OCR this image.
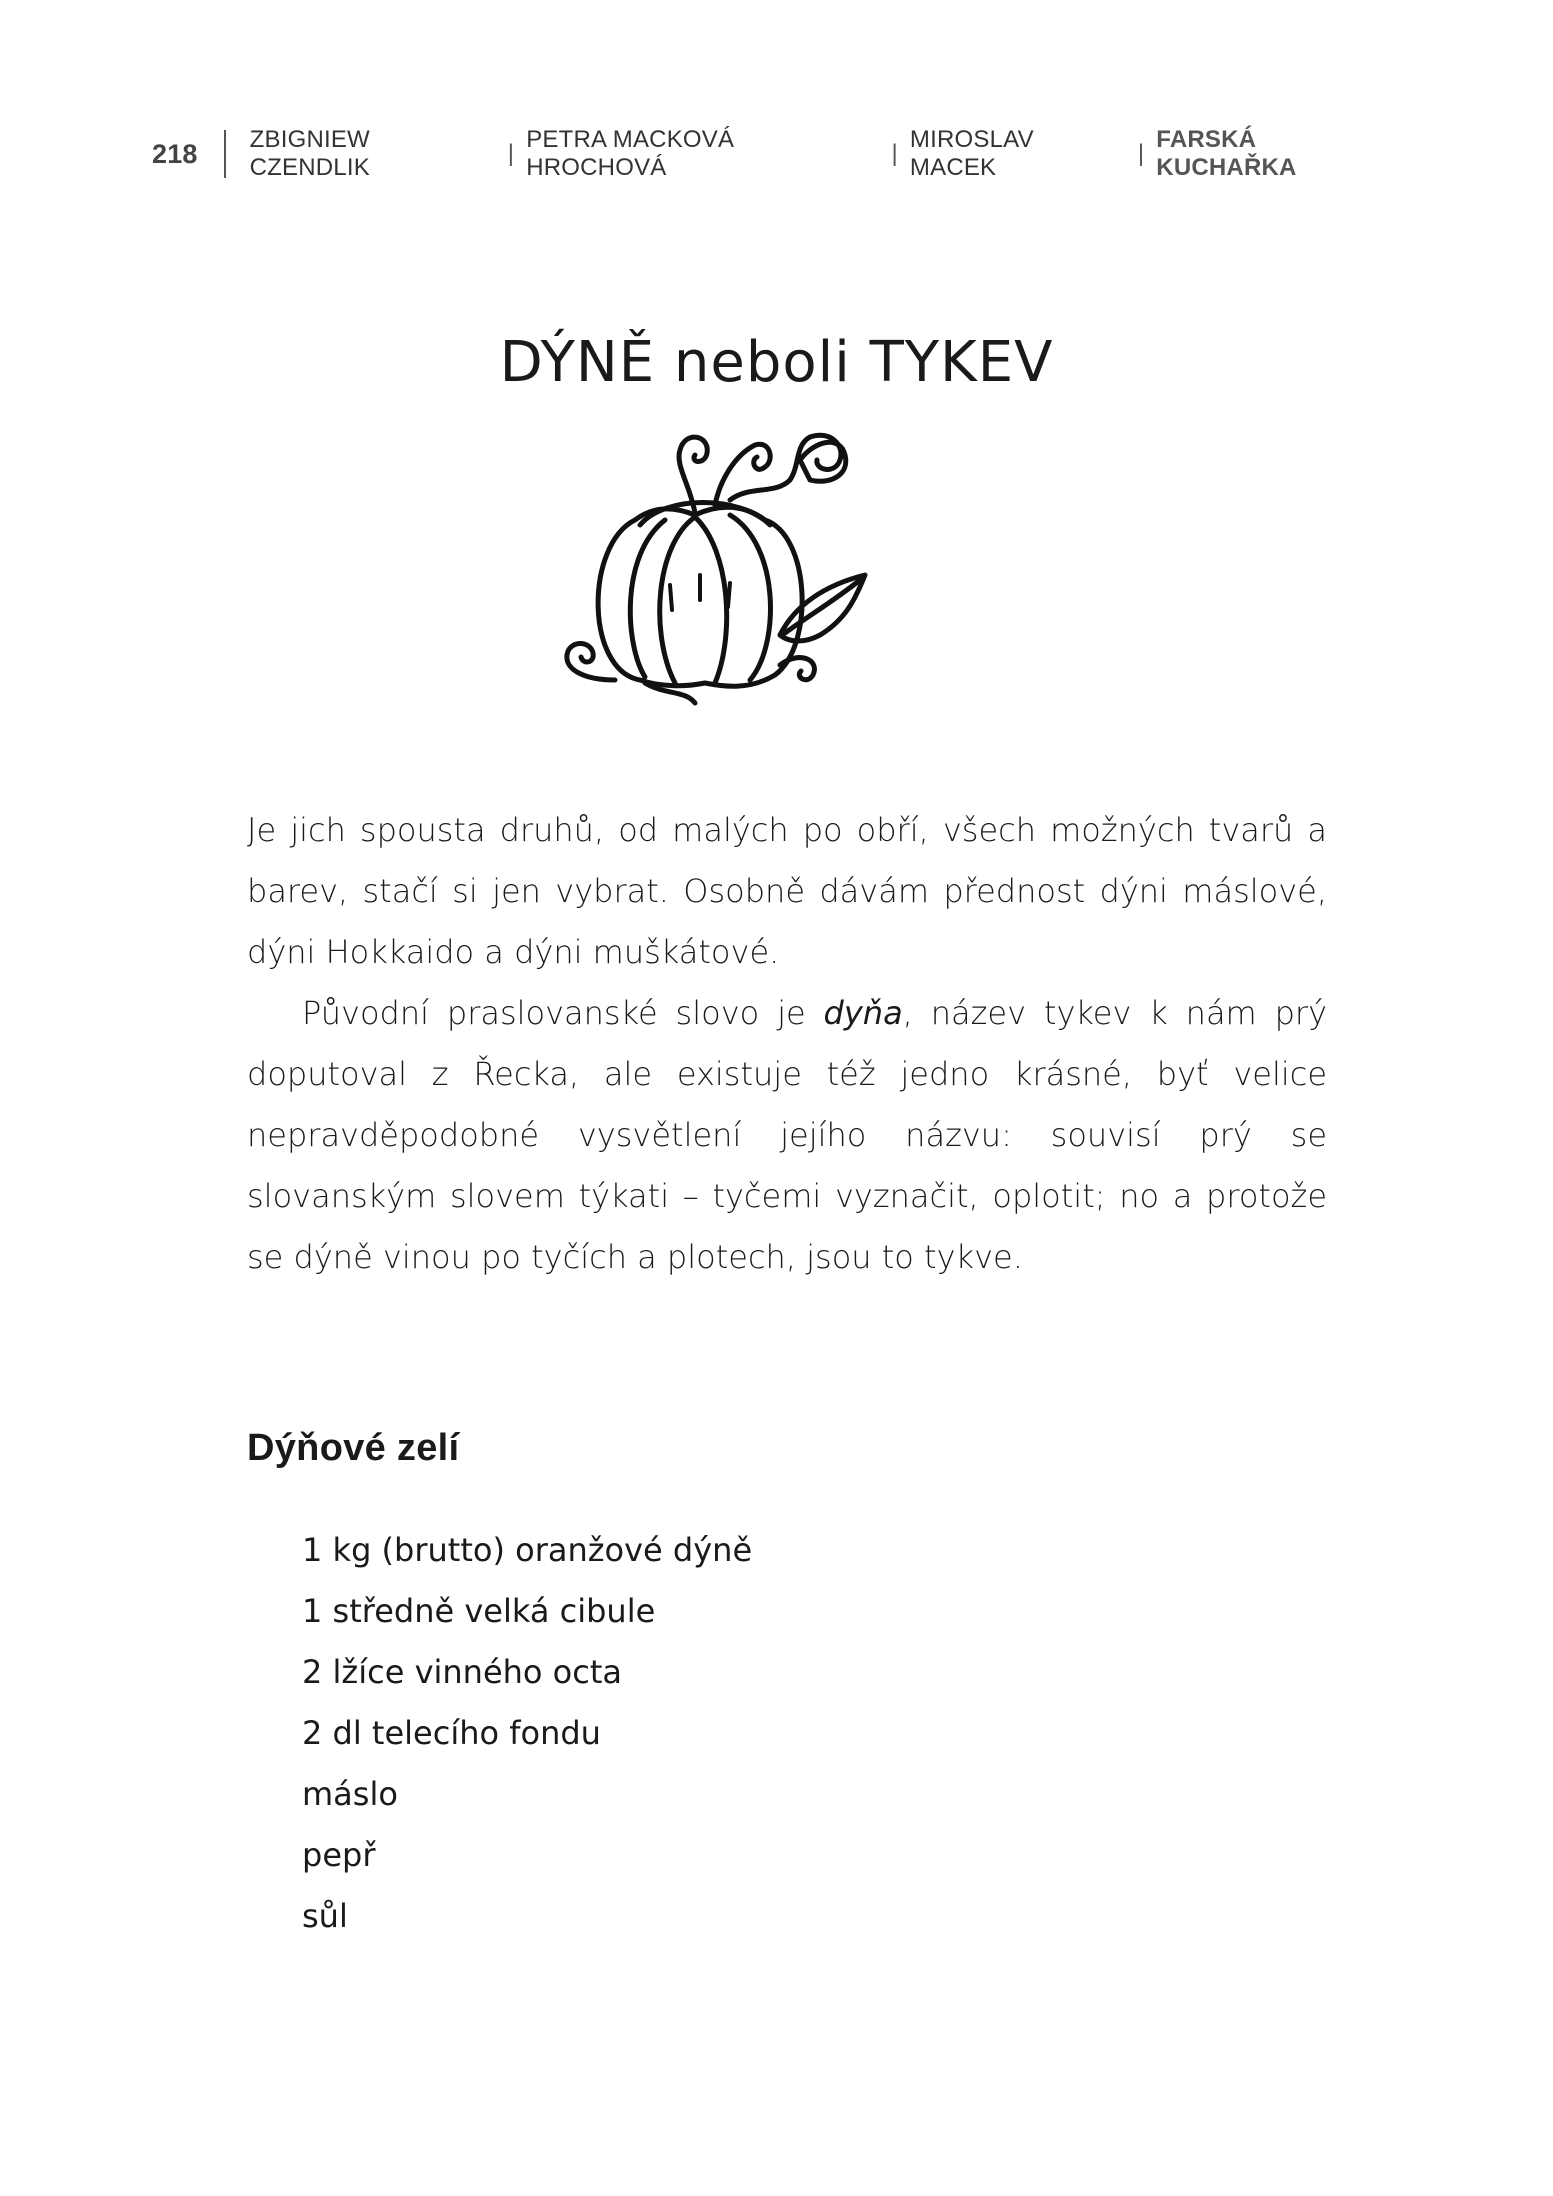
218	ZBIGNIEW CZENDLIK
|
PETRA MACKOVÁ HROCHOVÁ
|
MIROSLAV MACEK
|
FARSKÁ KUCHAŘKA
DÝNĚ neboli TYKEV

Je jich spousta druhů, od malých po obří, všech možných tvarů a barev, stačí si jen vybrat. Osobně dávám přednost dýni máslové, dýni Hokkaido a dýni muškátové.

Původní praslovanské slovo je dyňa, název tykev k nám prý doputoval z Řecka, ale existuje též jedno krásné, byť velice nepravděpodobné vysvětlení jejího názvu: souvisí prý se slovanským slovem týkati – tyčemi vyznačit, oplotit; no a protože se dýně vinou po tyčích a plotech, jsou to tykve.

Dýňové zelí
1 kg (brutto) oranžové dýně
1 středně velká cibule
2 lžíce vinného octa
2 dl telecího fondu
máslo
pepř
sůl
